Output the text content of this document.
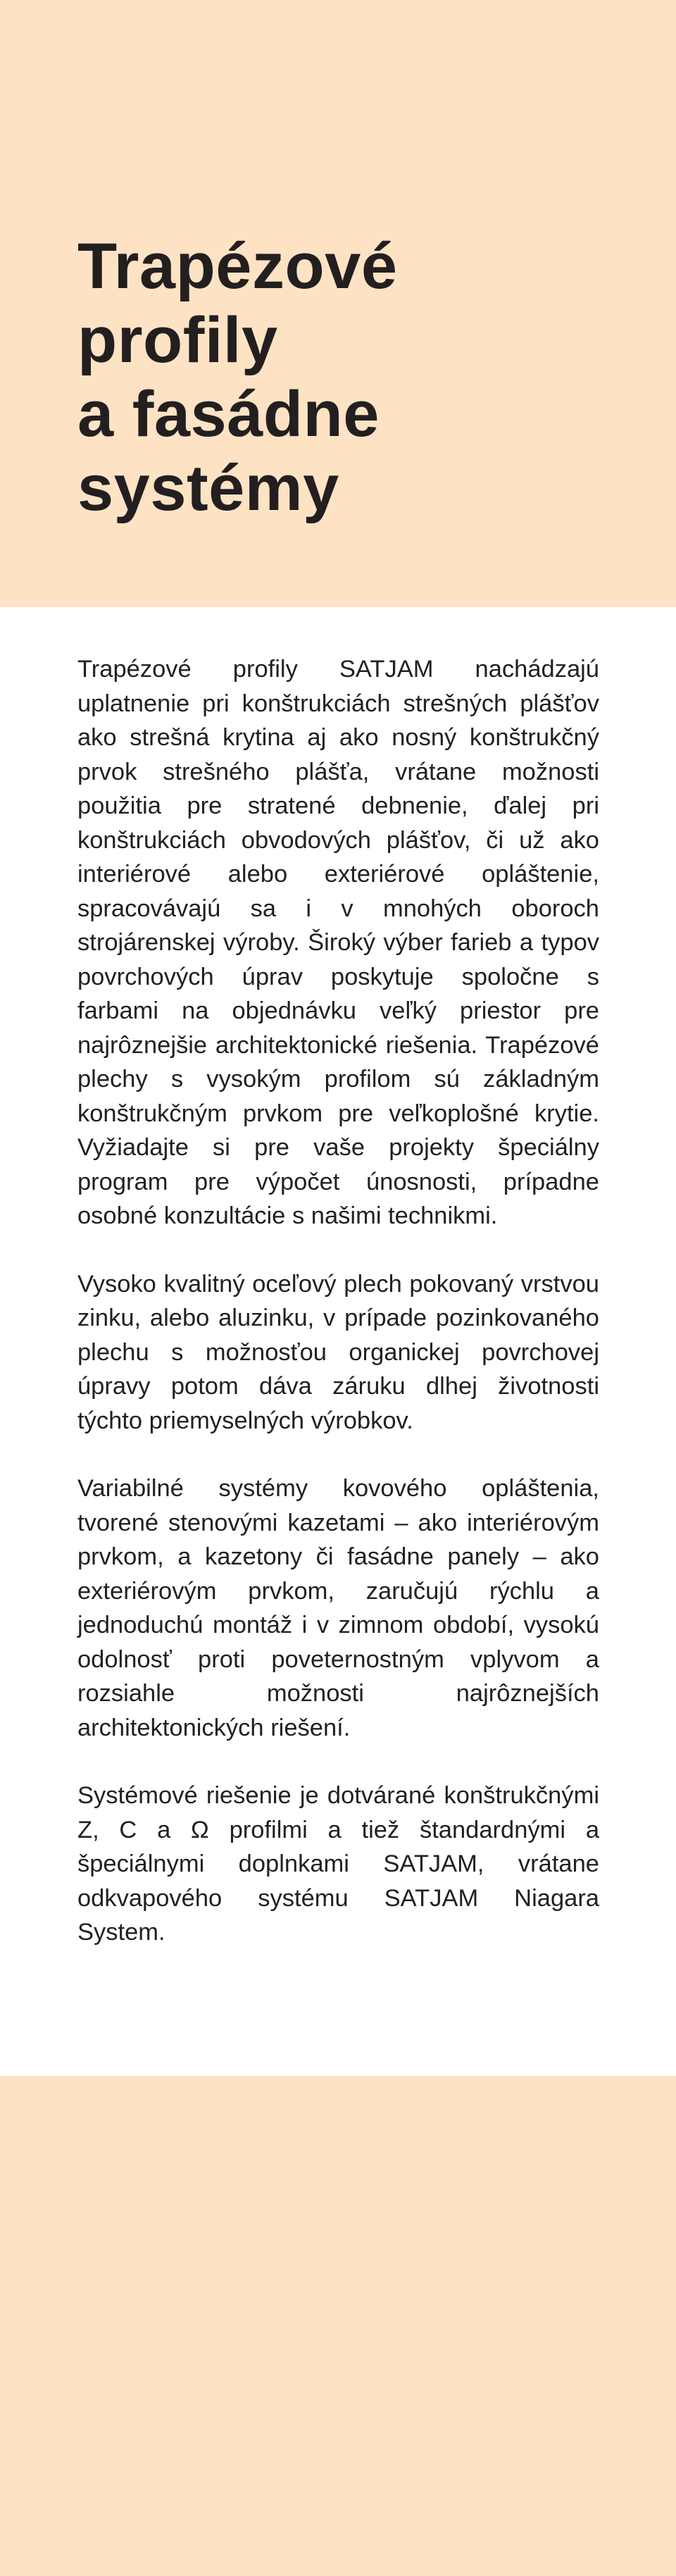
Trapézové
profily
a fasádne
systémy

Trapézové profily SATJAM nachádzajú uplatnenie pri konštrukciách strešných plášťov ako strešná krytina aj ako nosný konštrukčný prvok strešného plášťa, vrátane možnosti použitia pre stratené debnenie, ďalej pri konštrukciách obvodových plášťov, či už ako interiérové alebo exteriérové opláštenie, spracovávajú sa i v mnohých oboroch strojárenskej výroby. Široký výber farieb a typov povrchových úprav poskytuje spoločne s farbami na objednávku veľký priestor pre najrôznejšie architektonické riešenia. Trapézové plechy s vysokým profilom sú základným konštrukčným prvkom pre veľkoplošné krytie. Vyžiadajte si pre vaše projekty špeciálny program pre výpočet únosnosti, prípadne osobné konzultácie s našimi technikmi.

Vysoko kvalitný oceľový plech pokovaný vrstvou zinku, alebo aluzinku, v prípade pozinkovaného plechu s možnosťou organickej povrchovej úpravy potom dáva záruku dlhej životnosti týchto priemyselných výrobkov.

Variabilné systémy kovového opláštenia, tvorené stenovými kazetami – ako interiérovým prvkom, a kazetony či fasádne panely – ako exteriérovým prvkom, zaručujú rýchlu a jednoduchú montáž i v zimnom období, vysokú odolnosť proti poveternostným vplyvom a rozsiahle možnosti najrôznejších architektonických riešení.

Systémové riešenie je dotvárané konštrukčnými Z, C a Ω profilmi a tiež štandardnými a špeciálnymi doplnkami SATJAM, vrátane odkvapového systému SATJAM Niagara System.
